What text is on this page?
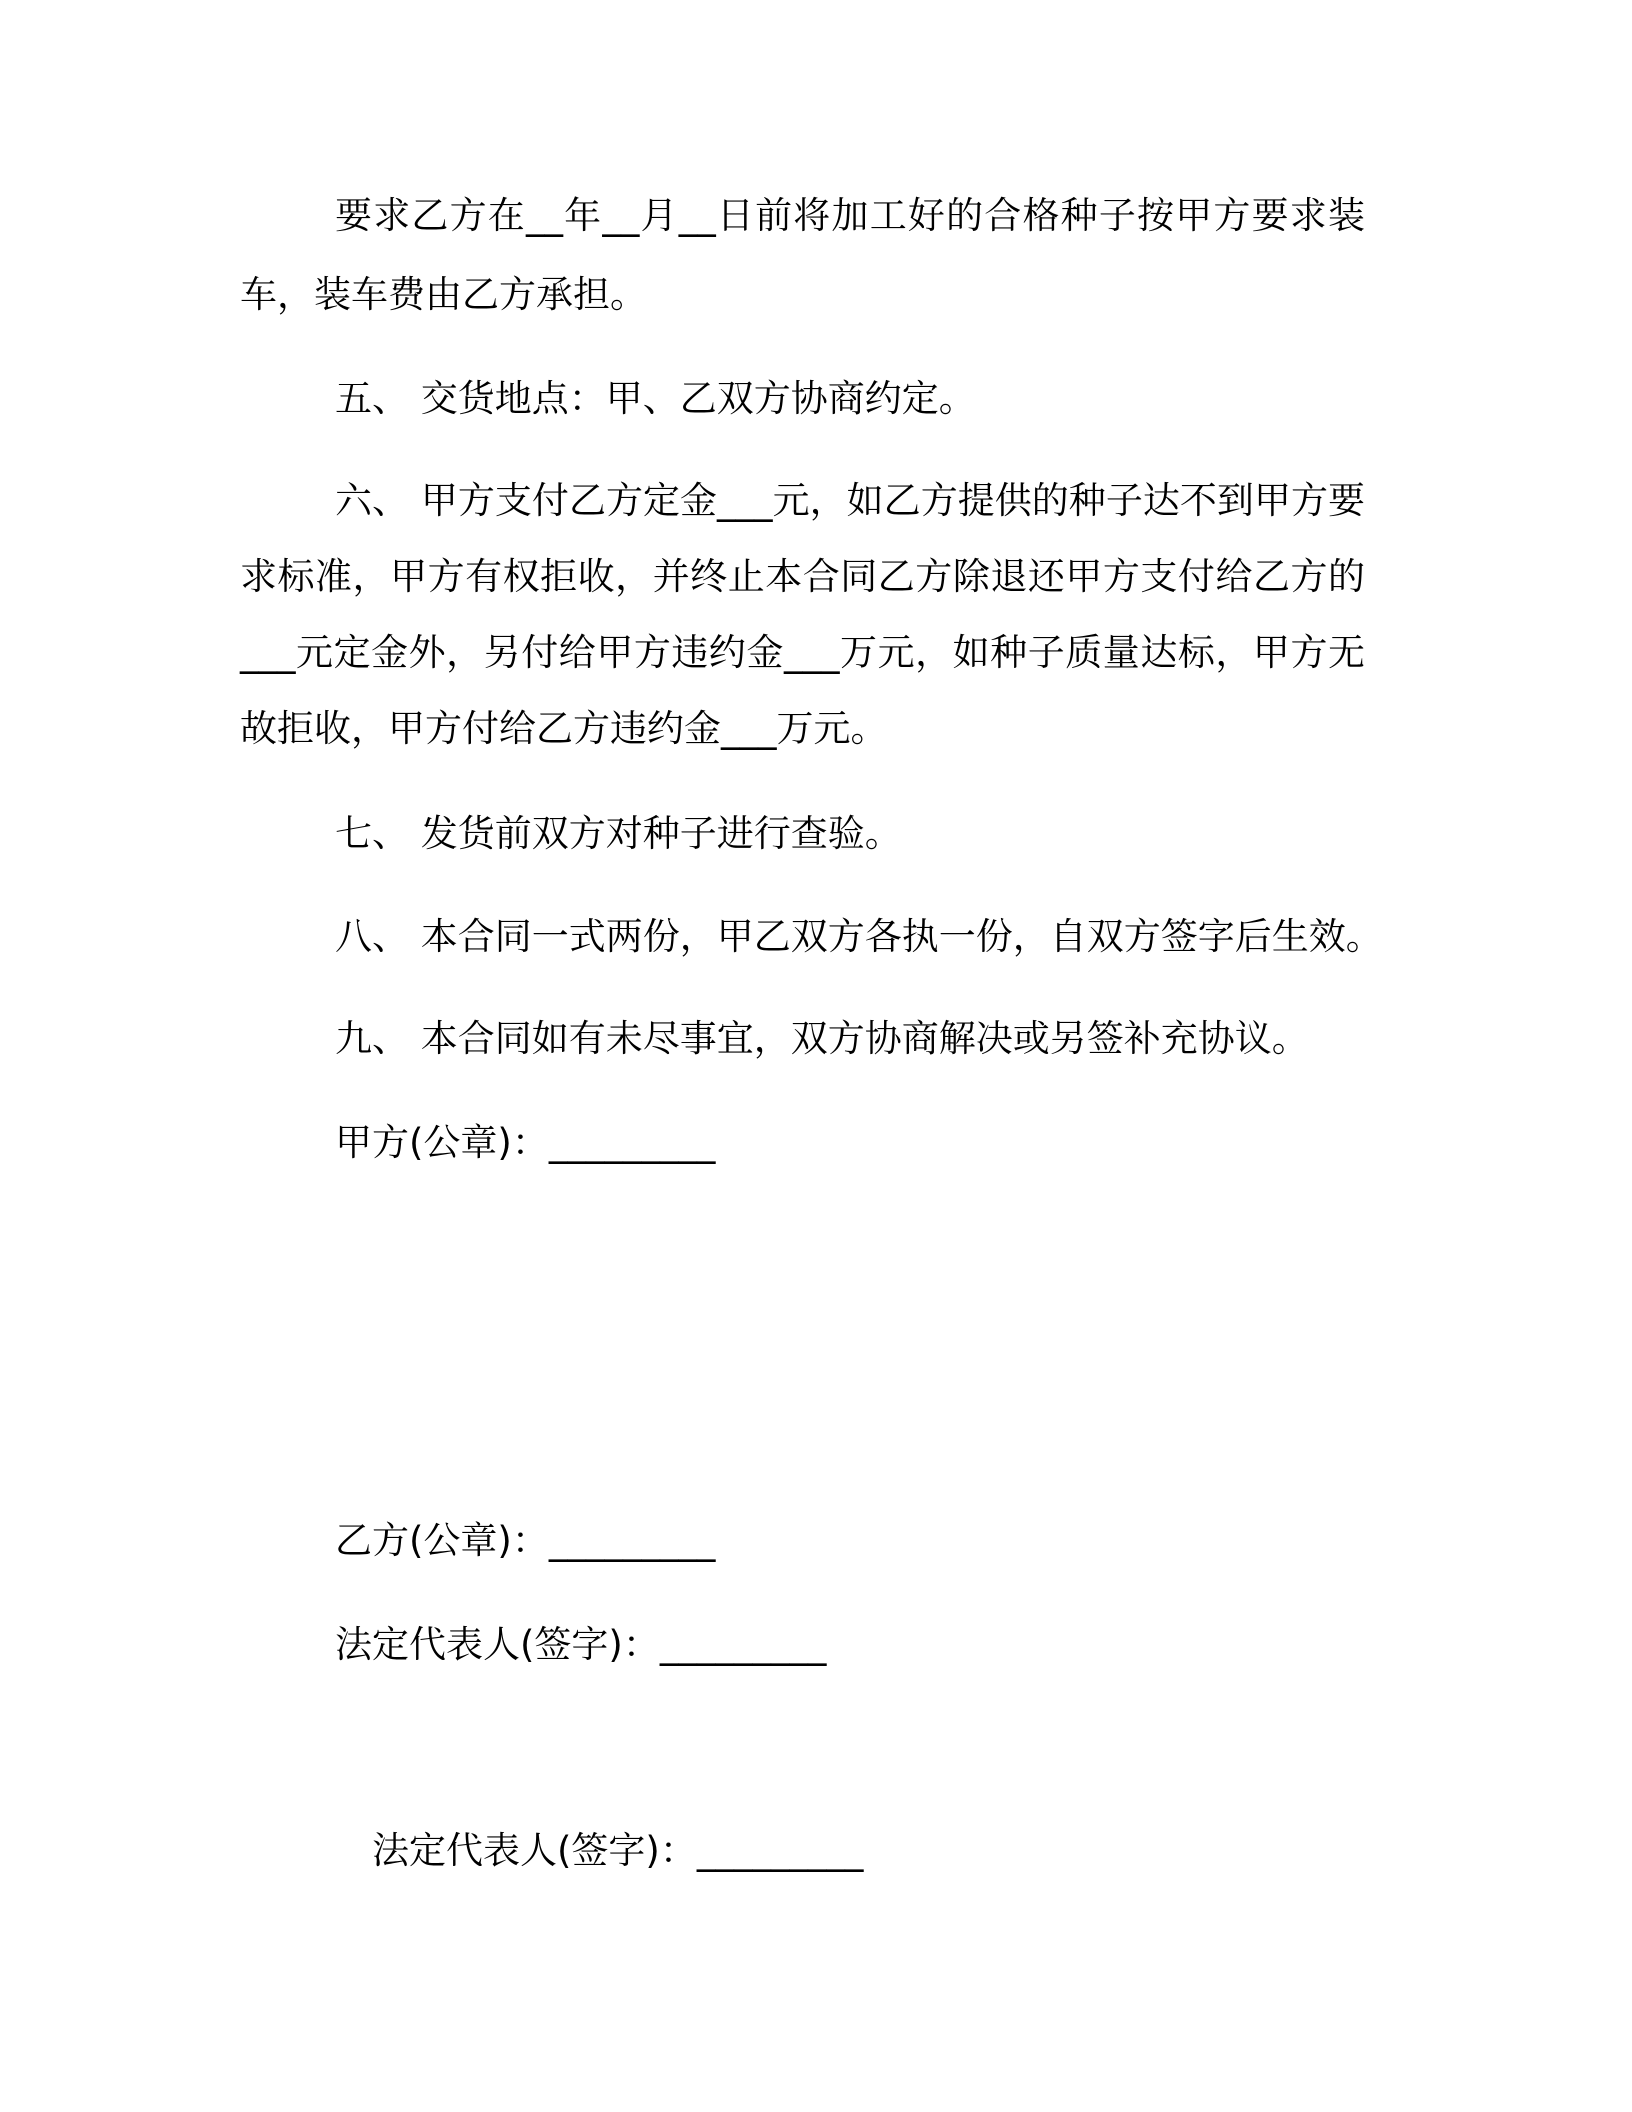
要求乙方在__年__月__日前将加工好的合格种子按甲方要求装
车，装车费由乙方承担。
五、 交货地点：甲、乙双方协商约定。
六、 甲方支付乙方定金___元，如乙方提供的种子达不到甲方要
求标准，甲方有权拒收，并终止本合同乙方除退还甲方支付给乙方的
___元定金外，另付给甲方违约金___万元，如种子质量达标，甲方无
故拒收，甲方付给乙方违约金___万元。
七、 发货前双方对种子进行查验。
八、 本合同一式两份，甲乙双方各执一份，自双方签字后生效。
九、 本合同如有未尽事宜，双方协商解决或另签补充协议。
甲方(公章)：_________
乙方(公章)：_________
法定代表人(签字)：_________
法定代表人(签字)：_________
